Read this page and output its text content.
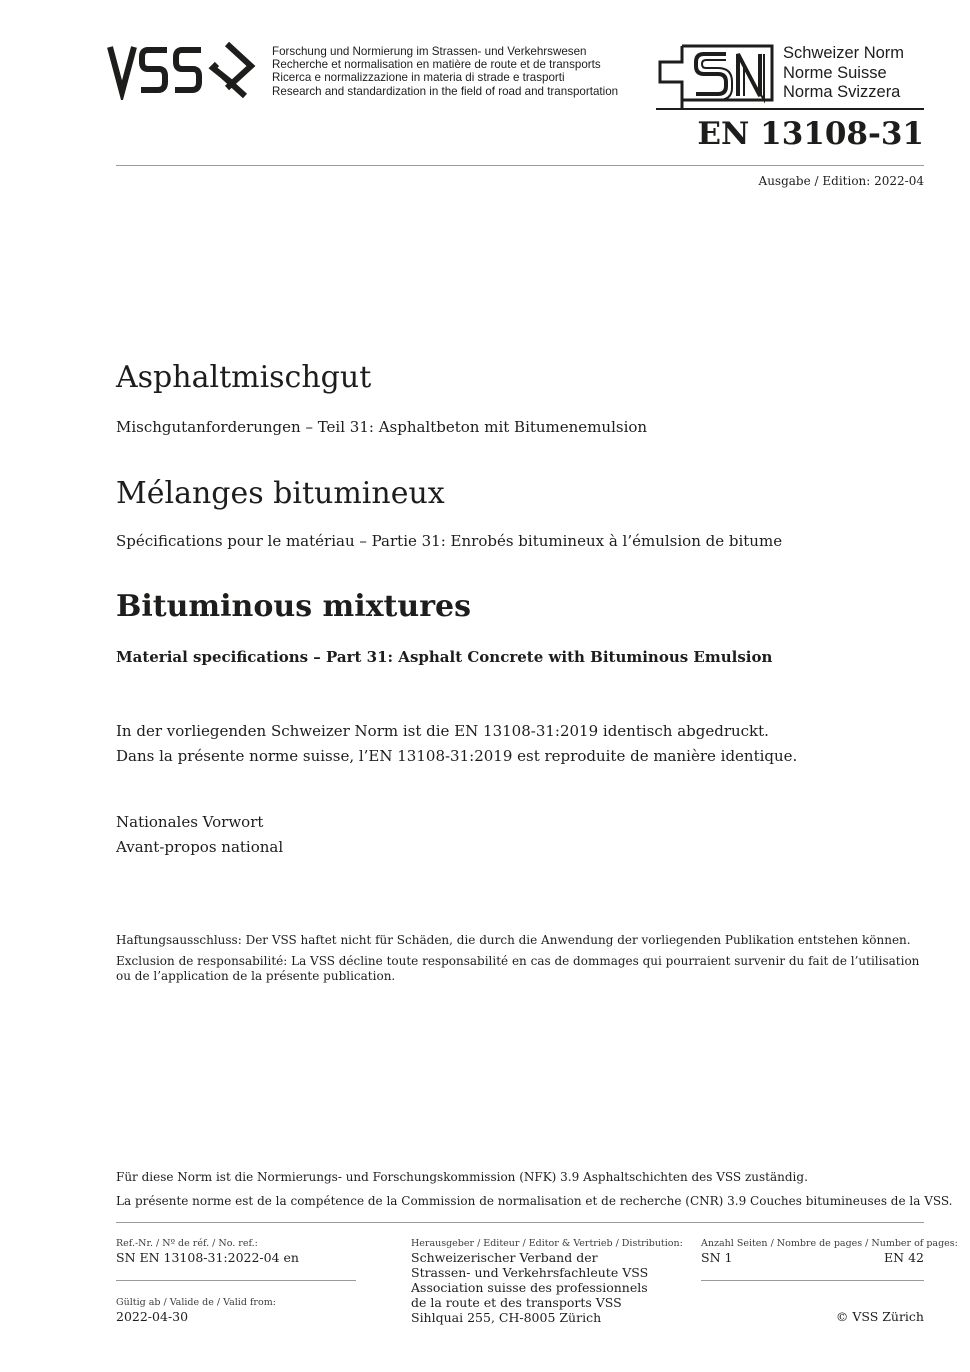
Forschung und Normierung im Strassen- und Verkehrswesen
Recherche et normalisation en matière de route et de transports
Ricerca e normalizzazione in materia di strade e trasporti
Research and standardization in the field of road and transportation
Schweizer Norm
Norme Suisse
Norma Svizzera
EN 13108-31
Ausgabe / Edition: 2022-04
Asphaltmischgut
Mischgutanforderungen – Teil 31: Asphaltbeton mit Bitumenemulsion
Mélanges bitumineux
Spécifications pour le matériau – Partie 31: Enrobés bitumineux à l’émulsion de bitume
Bituminous mixtures
Material specifications – Part 31: Asphalt Concrete with Bituminous Emulsion
In der vorliegenden Schweizer Norm ist die EN 13108-31:2019 identisch abgedruckt.
Dans la présente norme suisse, l’EN 13108-31:2019 est reproduite de manière identique.
Nationales Vorwort
Avant-propos national
Haftungsausschluss: Der VSS haftet nicht für Schäden, die durch die Anwendung der vorliegenden Publikation entstehen können.
Exclusion de responsabilité: La VSS décline toute responsabilité en cas de dommages qui pourraient survenir du fait de l’utilisation
ou de l’application de la présente publication.
Für diese Norm ist die Normierungs- und Forschungskommission (NFK) 3.9 Asphaltschichten des VSS zuständig.
La présente norme est de la compétence de la Commission de normalisation et de recherche (CNR) 3.9 Couches bitumineuses de la VSS.
Ref.-Nr. / Nº de réf. / No. ref.:
SN EN 13108-31:2022-04 en
Gültig ab / Valide de / Valid from:
2022-04-30
Herausgeber / Editeur / Editor & Vertrieb / Distribution:
Schweizerischer Verband der
Strassen- und Verkehrsfachleute VSS
Association suisse des professionnels
de la route et des transports VSS
Sihlquai 255, CH-8005 Zürich
Anzahl Seiten / Nombre de pages / Number of pages:
SN 1	EN 42
© VSS Zürich
